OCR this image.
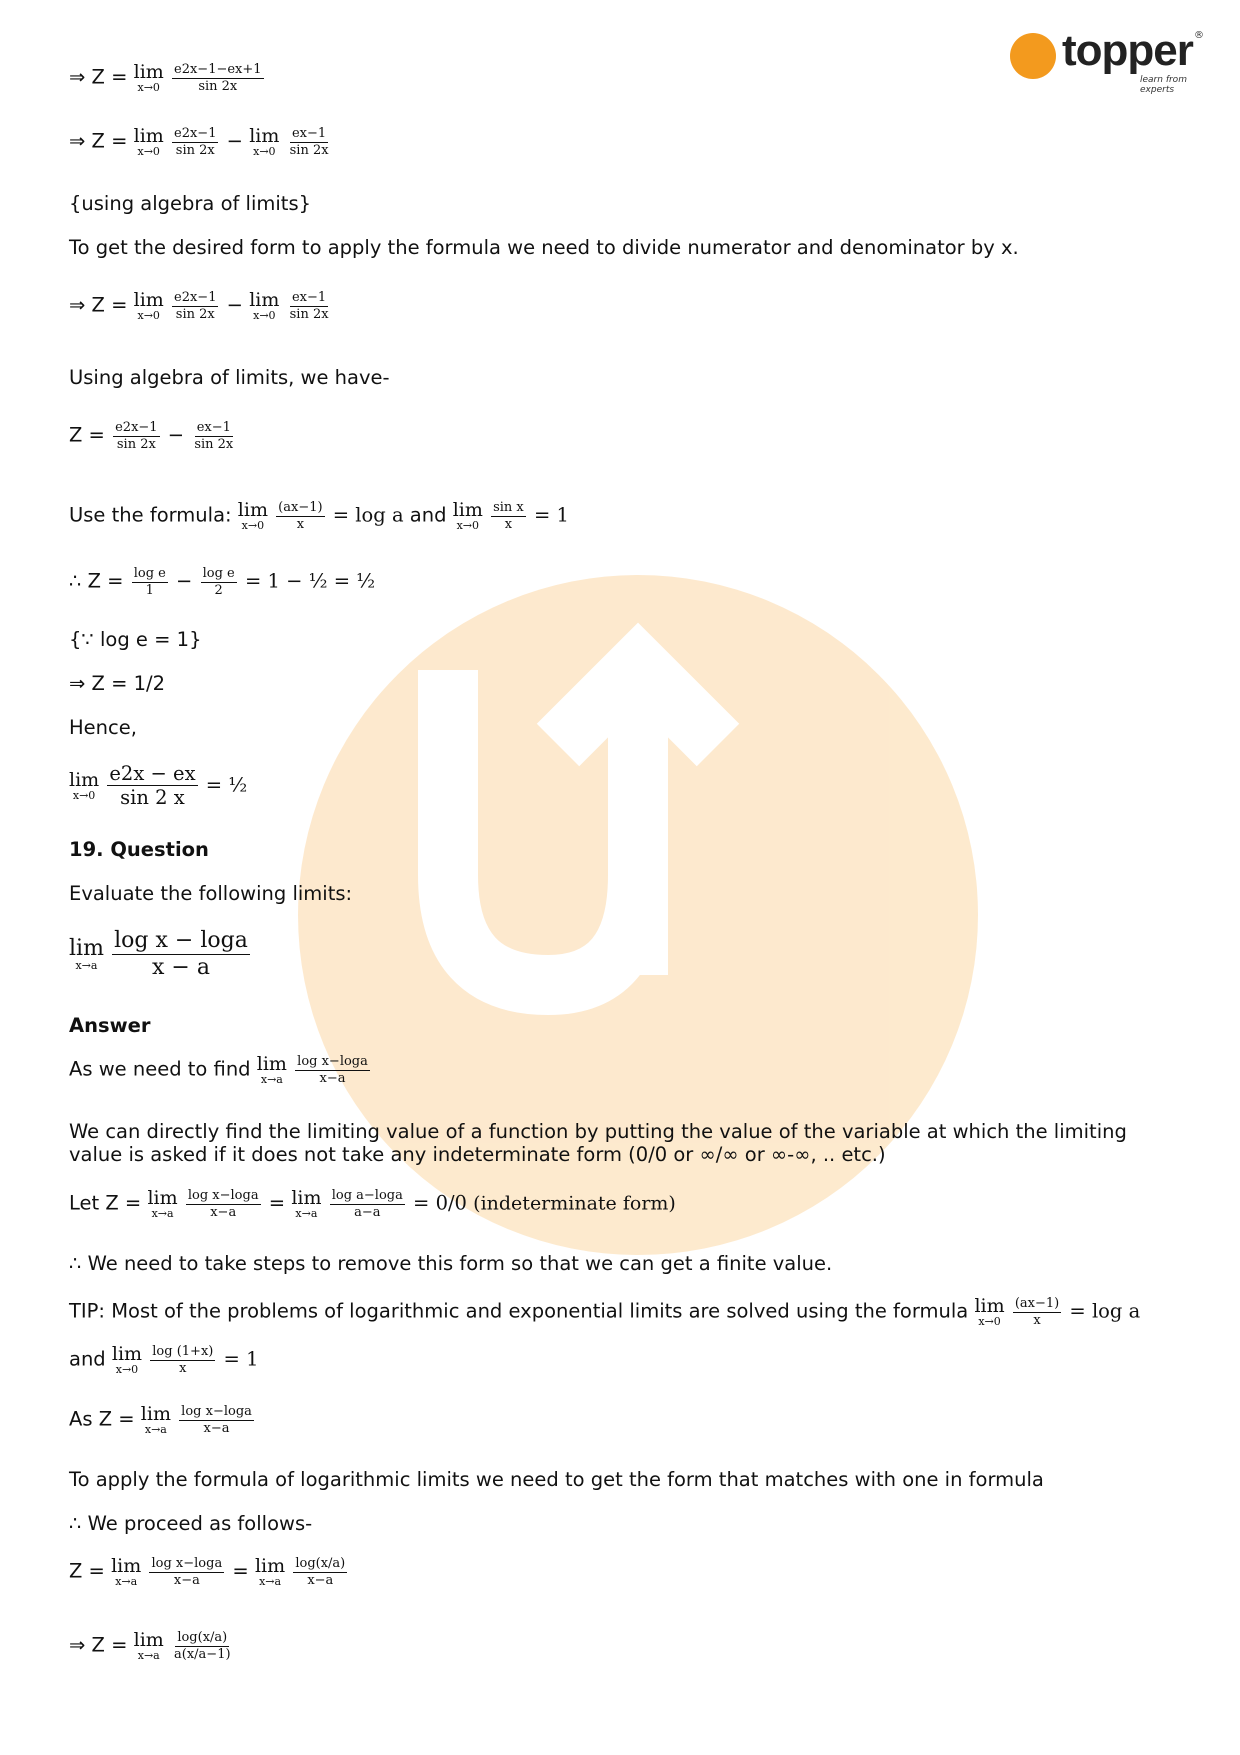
topper
learn from experts
®
⇒ Z = lim
x→0
$\frac{e2x-1-ex+1}{\sin 2x}$
⇒ Z = lim
x→0
$\frac{e2x-1}{\sin 2x} - \lim$
x→0
$\frac{ex-1}{\sin 2x}$
{using algebra of limits}
To get the desired form to apply the formula we need to divide numerator and denominator by x.
⇒ Z = lim
x→0
$\frac{e2x-1}{\sin 2x} - \lim$
x→0
$\frac{ex-1}{\sin 2x}$
Using algebra of limits, we have-
$Z = \frac{e2x-1}{\sin 2x} - \frac{ex-1}{\sin 2x}$
Use the formula: lim
x→0
$\frac{(ax-1)}{x} = \log a$ and lim
x→0
$\frac{\text{sin x}}{x} = 1$
∴ $Z = \frac{\text{log e}}{1} - \frac{\text{log e}}{2} = 1$ − ½ = ½
{∵ log e = 1}
⇒ Z = 1/2
Hence,
lim
x→0
$\frac{e2x - ex}{\sin 2 x}$ = ½
19. Question
Evaluate the following limits:
lim
x→a
$\frac{\text{log x − loga}}{x - a}$
Answer
As we need to find lim
x→a
$\frac{\text{log x−loga}}{x-a}$
We can directly find the limiting value of a function by putting the value of the variable at which the limiting
value is asked if it does not take any indeterminate form (0/0 or ∞/∞ or ∞-∞, .. etc.)
Let Z = lim
x→a
$\frac{\text{log x−loga}}{x-a} = \lim$
x→a
$\frac{\text{log a−loga}}{a-a} = 0/0$ (indeterminate form)
∴ We need to take steps to remove this form so that we can get a finite value.
TIP: Most of the problems of logarithmic and exponential limits are solved using the formula lim
x→0
$\frac{(ax-1)}{x} = \log a$
and lim
x→0
$\frac{\log (1+x)}{x} = 1$
As Z = lim
x→a
$\frac{\text{log x−loga}}{x-a}$
To apply the formula of logarithmic limits we need to get the form that matches with one in formula
∴ We proceed as follows-
Z = lim
x→a
$\frac{\text{log x−loga}}{x-a} = \lim$
x→a
$\frac{\log(x/a)}{x-a}$
⇒ Z = lim
x→a
$\frac{\log(x/a)}{a(x/a-1)}$
